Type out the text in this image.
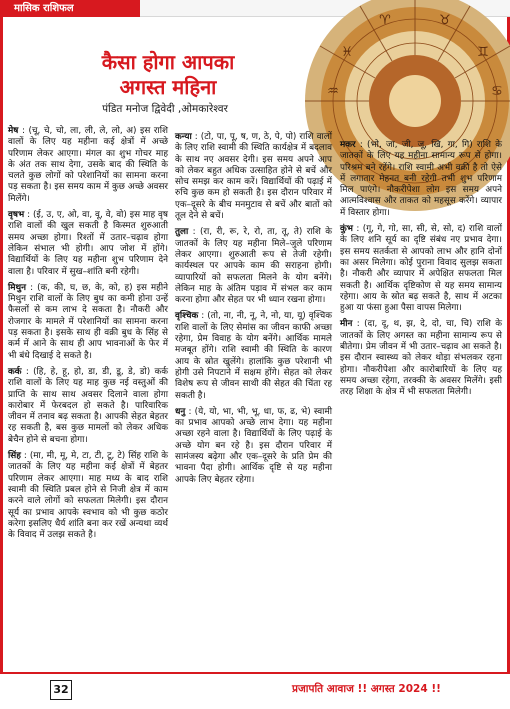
मासिक राशिफल
कैसा होगा आपका
अगस्त महिना
पंडित मनोज द्विवेदी ,ओमकारेश्वर
♈	♉
♊
♋
♓
♒

मेष : (चू, चे, चो, ला, ली, ले, लो, अ) इस राशि वालों के लिए यह महीना कई क्षेत्रों में अच्छे परिणाम लेकर आएगा। मंगल का शुभ गोचर माह के अंत तक साथ देगा, उसके बाद की स्थिति के चलते कुछ लोगों को परेशानियों का सामना करना पड़ सकता है। इस समय काम में कुछ अच्छे अवसर मिलेंगे।

वृषभ : (ई, उ, ए, ओ, वा, वू, वे, वो) इस माह वृष राशि वालों की खुल सकती है किस्मत शुरुआती समय अच्छा होगा। रिश्तों में उतार–चढ़ाव होगा लेकिन संभाल भी होगी। आप जोश में होंगे। विद्यार्थियों के लिए यह महीना शुभ परिणाम देने वाला है। परिवार में सुख–शांति बनी रहेगी।

मिथुन : (क, की, घ, छ, के, को, ह) इस महीने मिथुन राशि वालों के लिए बुध का कमी होना उन्हें फैसलों से कम लाभ दे सकता है। नौकरी और रोजगार के मामले में परेशानियों का सामना करना पड़ सकता है। इसके साथ ही वक्री बुध के सिंह से कर्म में आने के साथ ही आप भावनाओं के फेर में भी बंधे दिखाई दे सकते है।

कर्क : (हि, हे, हू, हो, डा, डी, डू, डे, डो) कर्क राशि वालों के लिए यह माह कुछ नई वस्तुओं की प्राप्ति के साथ साथ अवसर दिलाने वाला होगा कारोबार में फेरबदल हो सकते है। पारिवारिक जीवन में तनाव बढ़ सकता है। आपकी सेहत बेहतर रह सकती है, बस कुछ मामलों को लेकर अधिक बेचैन होने से बचना होगा।

सिंह : (मा, मी, मू, मे, टा, टी, टू, टे) सिंह राशि के जातकों के लिए यह महीना कई क्षेत्रों में बेहतर परिणाम लेकर आएगा। माह मध्य के बाद राशि स्वामी की स्थिति प्रबल होने से निजी क्षेत्र में काम करने वाले लोगों को सफलता मिलेगी। इस दौरान सूर्य का प्रभाव आपके स्वभाव को भी कुछ कठोर करेगा इसलिए धैर्य शांति बना कर रखें अन्यथा व्यर्थ के विवाद में उलझ सकते है।

कन्या : (टो, पा, पू, ष, ण, ठे, पे, पो) राशि वालों के लिए राशि स्वामी की स्थिति कार्यक्षेत्र में बदलाव के साथ नए अवसर देगी। इस समय अपने आप को लेकर बहुत अधिक उत्साहित होने से बचें और सोच समझ कर काम करें। विद्यार्थियों की पढ़ाई में रुचि कुछ कम हो सकती है। इस दौरान परिवार में एक–दूसरे के बीच मनमुटाव से बचें और बातों को तूल देने से बचें।

तुला : (रा, री, रू, रे, रो, ता, तू, ते) राशि के जातकों के लिए यह महीना मिले–जुले परिणाम लेकर आएगा। शुरुआती रूप से तेजी रहेगी। कार्यस्थल पर आपके काम की सराहना होगी। व्यापारियों को सफलता मिलने के योग बनेंगे। लेकिन माह के अंतिम पड़ाव में संभल कर काम करना होगा और सेहत पर भी ध्यान रखना होगा।

वृश्चिक : (तो, ना, नी, नू, ने, नो, या, यू) वृश्चिक राशि वालों के लिए सेमांस का जीवन काफी अच्छा रहेगा, प्रेम विवाह के योग बनेंगे। आर्थिक मामले मजबूत होंगे। राशि स्वामी की स्थिति के कारण आय के स्रोत खुलेंगे। हालांकि कुछ परेशानी भी होगी उसे निपटाने में सक्षम होंगे। सेहत को लेकर विशेष रूप से जीवन साथी की सेहत की चिंता रह सकती है।

धनु : (ये, यो, भा, भी, भू, धा, फ, ढ, भे) स्वामी का प्रभाव आपको अच्छे लाभ देगा। यह महीना अच्छा रहने वाला है। विद्यार्थियों के लिए पढ़ाई के अच्छे योग बन रहे है। इस दौरान परिवार में सामंजस्य बढ़ेगा और एक–दूसरे के प्रति प्रेम की भावना पैदा होगी। आर्थिक दृष्टि से यह महीना आपके लिए बेहतर रहेगा।

मकर : (भो, जा, जी, जू, खि, गा, गि) राशि के जातकों के लिए यह महीना सामान्य रूप से होगा। परिश्रम बने रहेंगे। राशि स्वामी अभी वक्री है तो ऐसे में लगातार मेहनत बनी रहेगी तभी शुभ परिणाम मिल पाएंगे। नौकरीपेशा लोग इस समय अपने आत्मविश्वास और ताकत को महसूस करेंगे। व्यापार में विस्तार होगा।

कुंभ : (गू, गे, गो, सा, सी, से, सो, द) राशि वालों के लिए शनि सूर्य का दृष्टि संबंध नए प्रभाव देगा। इस समय सतर्कता से आपको लाभ और हानि दोनों का असर मिलेगा। कोई पुराना विवाद सुलझ सकता है। नौकरी और व्यापार में अपेक्षित सफलता मिल सकती है। आर्थिक दृष्टिकोण से यह समय सामान्य रहेगा। आय के स्रोत बढ़ सकते है, साथ में अटका हुआ या फंसा हुआ पैसा वापस मिलेगा।

मीन : (दा, दू, थ, झ, दे, दो, चा, चि) राशि के जातकों के लिए अगस्त का महीना सामान्य रूप से बीतेगा। प्रेम जीवन में भी उतार–चढ़ाव आ सकते है। इस दौरान स्वास्थ्य को लेकर थोड़ा संभलकर रहना होगा। नौकरीपेशा और कारोबारियों के लिए यह समय अच्छा रहेगा, तरक्की के अवसर मिलेंगे। इसी तरह शिक्षा के क्षेत्र में भी सफलता मिलेगी।

32	प्रजापति आवाज !! अगस्त 2024 !!
